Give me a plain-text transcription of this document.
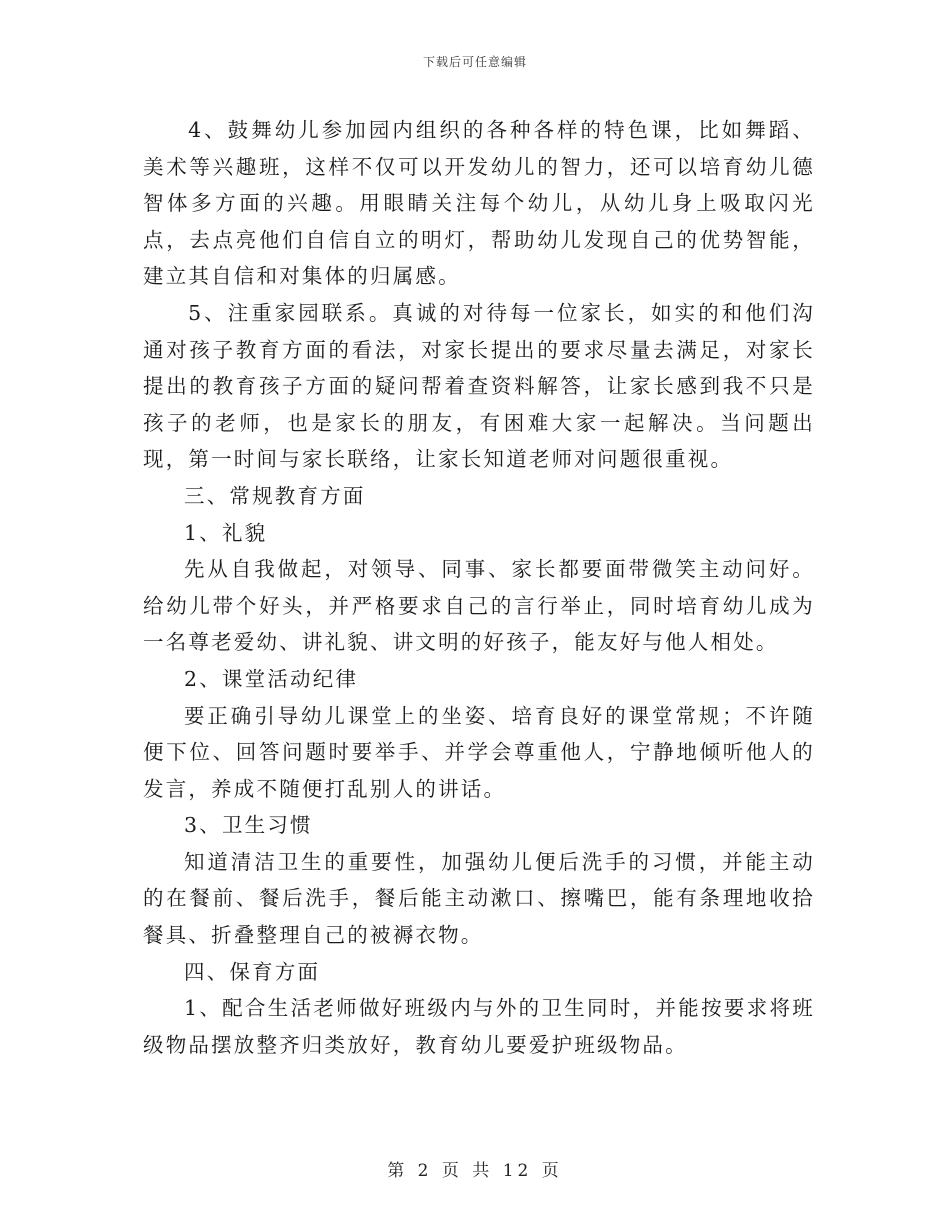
下载后可任意编辑

4、鼓舞幼儿参加园内组织的各种各样的特色课，比如舞蹈、美术等兴趣班，这样不仅可以开发幼儿的智力，还可以培育幼儿德智体多方面的兴趣。用眼睛关注每个幼儿，从幼儿身上吸取闪光点，去点亮他们自信自立的明灯，帮助幼儿发现自己的优势智能，建立其自信和对集体的归属感。

5、注重家园联系。真诚的对待每一位家长，如实的和他们沟通对孩子教育方面的看法，对家长提出的要求尽量去满足，对家长提出的教育孩子方面的疑问帮着查资料解答，让家长感到我不只是孩子的老师，也是家长的朋友，有困难大家一起解决。当问题出现，第一时间与家长联络，让家长知道老师对问题很重视。

三、常规教育方面

1、礼貌

先从自我做起，对领导、同事、家长都要面带微笑主动问好。给幼儿带个好头，并严格要求自己的言行举止，同时培育幼儿成为一名尊老爱幼、讲礼貌、讲文明的好孩子，能友好与他人相处。

2、课堂活动纪律

要正确引导幼儿课堂上的坐姿、培育良好的课堂常规；不许随便下位、回答问题时要举手、并学会尊重他人，宁静地倾听他人的发言，养成不随便打乱别人的讲话。

3、卫生习惯

知道清洁卫生的重要性，加强幼儿便后洗手的习惯，并能主动的在餐前、餐后洗手，餐后能主动漱口、擦嘴巴，能有条理地收拾餐具、折叠整理自己的被褥衣物。

四、保育方面

1、配合生活老师做好班级内与外的卫生同时，并能按要求将班级物品摆放整齐归类放好，教育幼儿要爱护班级物品。

第 2 页 共 12 页
